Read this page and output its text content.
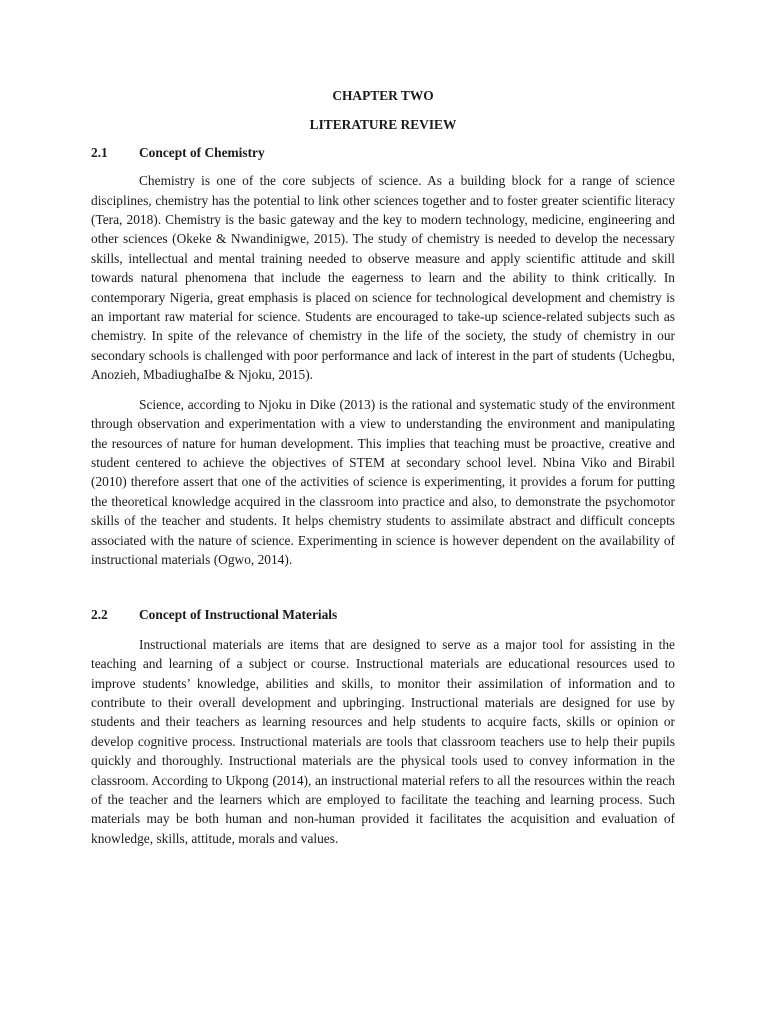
CHAPTER TWO

LITERATURE REVIEW

2.1	Concept of Chemistry

Chemistry is one of the core subjects of science. As a building block for a range of science disciplines, chemistry has the potential to link other sciences together and to foster greater scientific literacy (Tera, 2018). Chemistry is the basic gateway and the key to modern technology, medicine, engineering and other sciences (Okeke & Nwandinigwe, 2015). The study of chemistry is needed to develop the necessary skills, intellectual and mental training needed to observe measure and apply scientific attitude and skill towards natural phenomena that include the eagerness to learn and the ability to think critically. In contemporary Nigeria, great emphasis is placed on science for technological development and chemistry is an important raw material for science. Students are encouraged to take-up science-related subjects such as chemistry. In spite of the relevance of chemistry in the life of the society, the study of chemistry in our secondary schools is challenged with poor performance and lack of interest in the part of students (Uchegbu, Anozieh, MbadiughaIbe & Njoku, 2015).

Science, according to Njoku in Dike (2013) is the rational and systematic study of the environment through observation and experimentation with a view to understanding the environment and manipulating the resources of nature for human development. This implies that teaching must be proactive, creative and student centered to achieve the objectives of STEM at secondary school level. Nbina Viko and Birabil (2010) therefore assert that one of the activities of science is experimenting, it provides a forum for putting the theoretical knowledge acquired in the classroom into practice and also, to demonstrate the psychomotor skills of the teacher and students. It helps chemistry students to assimilate abstract and difficult concepts associated with the nature of science. Experimenting in science is however dependent on the availability of instructional materials (Ogwo, 2014).

2.2	Concept of Instructional Materials

Instructional materials are items that are designed to serve as a major tool for assisting in the teaching and learning of a subject or course. Instructional materials are educational resources used to improve students’ knowledge, abilities and skills, to monitor their assimilation of information and to contribute to their overall development and upbringing. Instructional materials are designed for use by students and their teachers as learning resources and help students to acquire facts, skills or opinion or develop cognitive process. Instructional materials are tools that classroom teachers use to help their pupils quickly and thoroughly. Instructional materials are the physical tools used to convey information in the classroom. According to Ukpong (2014), an instructional material refers to all the resources within the reach of the teacher and the learners which are employed to facilitate the teaching and learning process. Such materials may be both human and non-human provided it facilitates the acquisition and evaluation of knowledge, skills, attitude, morals and values.
